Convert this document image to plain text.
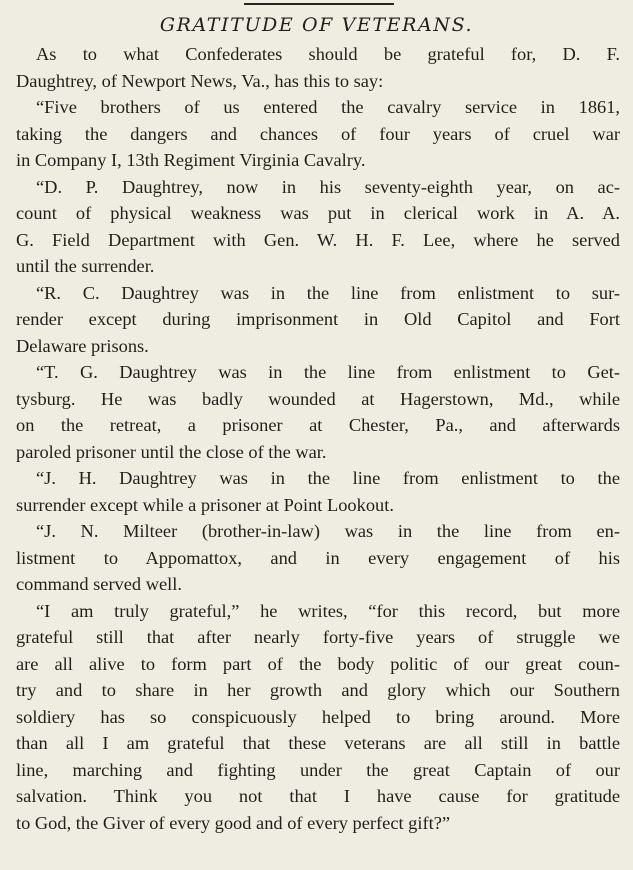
GRATITUDE OF VETERANS.
As to what Confederates should be grateful for, D. F.
Daughtrey, of Newport News, Va., has this to say:
“Five brothers of us entered the cavalry service in 1861,
taking the dangers and chances of four years of cruel war
in Company I, 13th Regiment Virginia Cavalry.
“D. P. Daughtrey, now in his seventy-eighth year, on ac-
count of physical weakness was put in clerical work in A. A.
G. Field Department with Gen. W. H. F. Lee, where he served
until the surrender.
“R. C. Daughtrey was in the line from enlistment to sur-
render except during imprisonment in Old Capitol and Fort
Delaware prisons.
“T. G. Daughtrey was in the line from enlistment to Get-
tysburg. He was badly wounded at Hagerstown, Md., while
on the retreat, a prisoner at Chester, Pa., and afterwards
paroled prisoner until the close of the war.
“J. H. Daughtrey was in the line from enlistment to the
surrender except while a prisoner at Point Lookout.
“J. N. Milteer (brother-in-law) was in the line from en-
listment to Appomattox, and in every engagement of his
command served well.
“I am truly grateful,” he writes, “for this record, but more
grateful still that after nearly forty-five years of struggle we
are all alive to form part of the body politic of our great coun-
try and to share in her growth and glory which our Southern
soldiery has so conspicuously helped to bring around. More
than all I am grateful that these veterans are all still in battle
line, marching and fighting under the great Captain of our
salvation. Think you not that I have cause for gratitude
to God, the Giver of every good and of every perfect gift?”
